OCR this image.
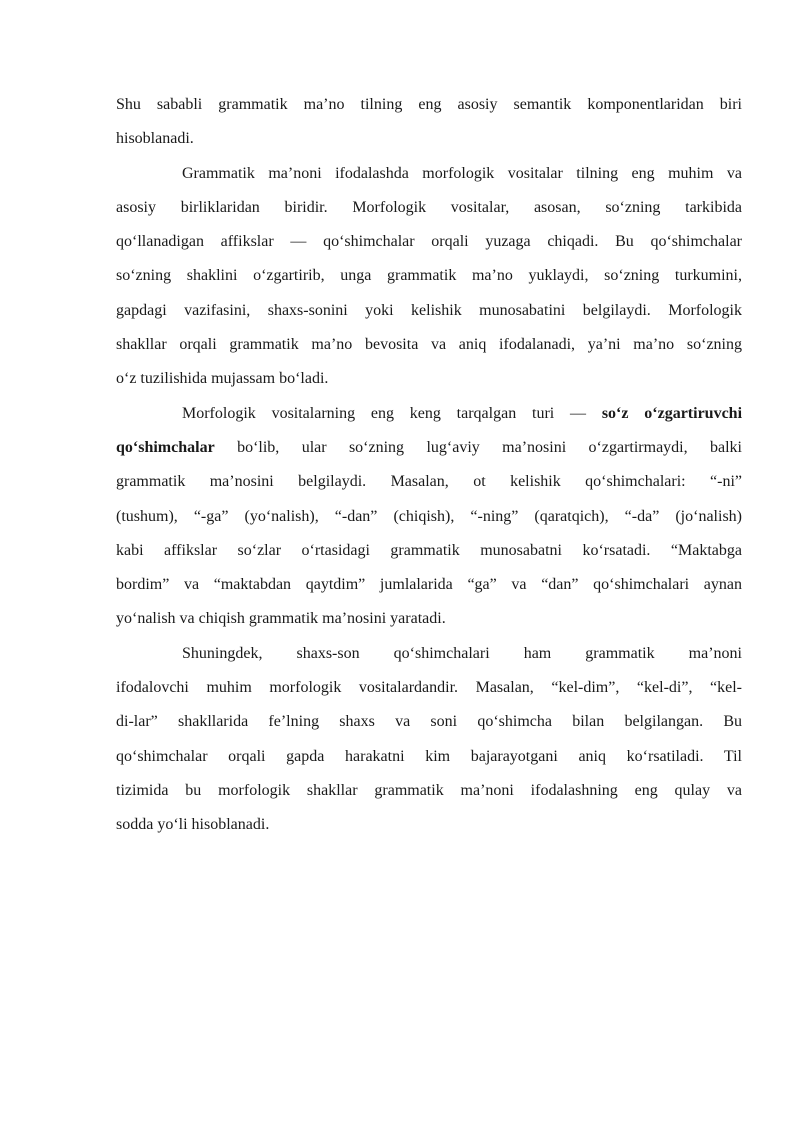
Shu sababli grammatik ma’no tilning eng asosiy semantik komponentlaridan biri
hisoblanadi.
Grammatik ma’noni ifodalashda morfologik vositalar tilning eng muhim va
asosiy birliklaridan biridir. Morfologik vositalar, asosan, so‘zning tarkibida
qo‘llanadigan affikslar — qo‘shimchalar orqali yuzaga chiqadi. Bu qo‘shimchalar
so‘zning shaklini o‘zgartirib, unga grammatik ma’no yuklaydi, so‘zning turkumini,
gapdagi vazifasini, shaxs-sonini yoki kelishik munosabatini belgilaydi. Morfologik
shakllar orqali grammatik ma’no bevosita va aniq ifodalanadi, ya’ni ma’no so‘zning
o‘z tuzilishida mujassam bo‘ladi.
Morfologik vositalarning eng keng tarqalgan turi — so‘z o‘zgartiruvchi
qo‘shimchalar bo‘lib, ular so‘zning lug‘aviy ma’nosini o‘zgartirmaydi, balki
grammatik ma’nosini belgilaydi. Masalan, ot kelishik qo‘shimchalari: “-ni”
(tushum), “-ga” (yo‘nalish), “-dan” (chiqish), “-ning” (qaratqich), “-da” (jo‘nalish)
kabi affikslar so‘zlar o‘rtasidagi grammatik munosabatni ko‘rsatadi. “Maktabga
bordim” va “maktabdan qaytdim” jumlalarida “ga” va “dan” qo‘shimchalari aynan
yo‘nalish va chiqish grammatik ma’nosini yaratadi.
Shuningdek, shaxs-son qo‘shimchalari ham grammatik ma’noni
ifodalovchi muhim morfologik vositalardandir. Masalan, “kel-dim”, “kel-di”, “kel-
di-lar” shakllarida fe’lning shaxs va soni qo‘shimcha bilan belgilangan. Bu
qo‘shimchalar orqali gapda harakatni kim bajarayotgani aniq ko‘rsatiladi. Til
tizimida bu morfologik shakllar grammatik ma’noni ifodalashning eng qulay va
sodda yo‘li hisoblanadi.
